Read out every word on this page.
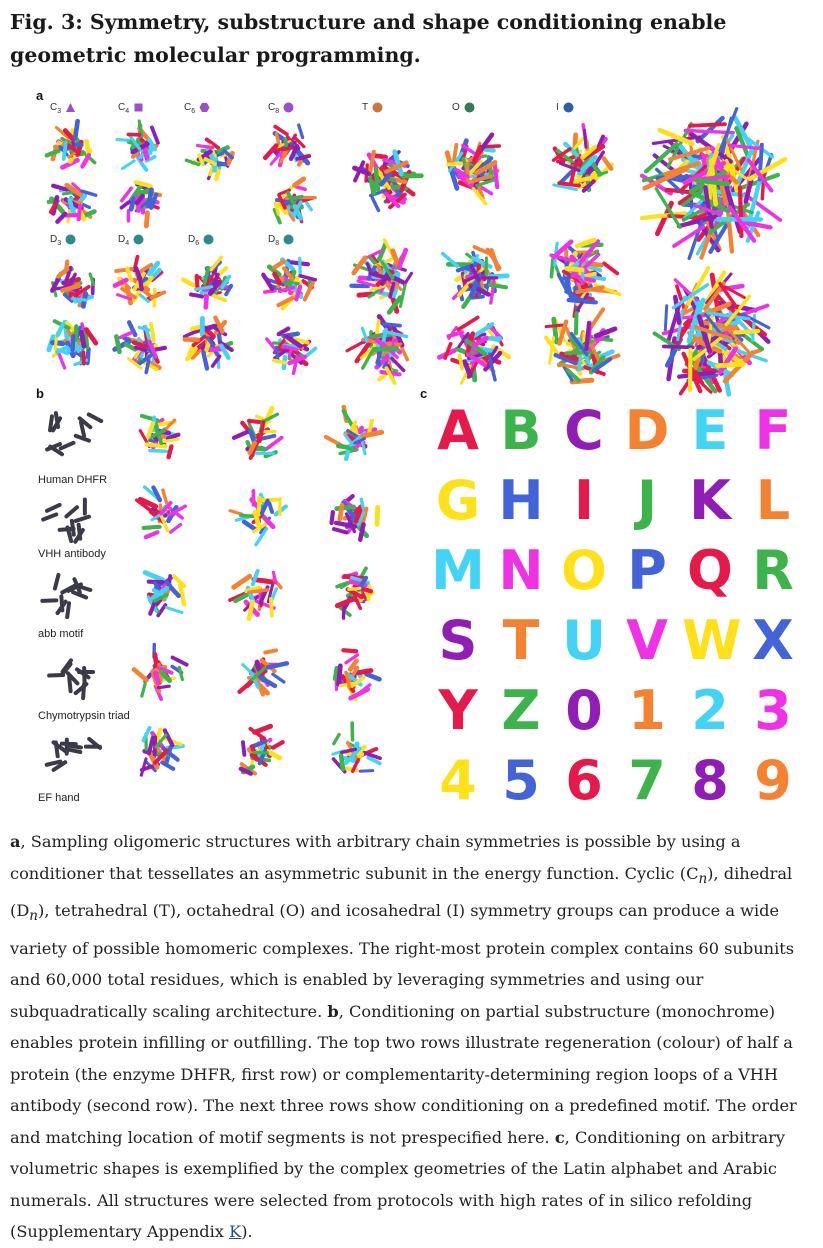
Fig. 3: Symmetry, substructure and shape conditioning enable geometric molecular programming.
a
$C_3$	$C_4$	$C_6$	$C_8$	T	O	I
$D_3$	$D_4$	$D_6$	$D_8$
b
Human DHFR
VHH antibody
abb motif
Chymotrypsin triad
EF hand
c
A B C D E F
G H I J K L
M N O P Q R
S T U V W X
Y Z 0 1 2 3
4 5 6 7 8 9

a, Sampling oligomeric structures with arbitrary chain symmetries is possible by using a conditioner that tessellates an asymmetric subunit in the energy function. Cyclic $(C_n)$, dihedral $(D_n)$, tetrahedral (T), octahedral (O) and icosahedral (I) symmetry groups can produce a wide variety of possible homomeric complexes. The right-most protein complex contains 60 subunits and 60,000 total residues, which is enabled by leveraging symmetries and using our subquadratically scaling architecture. b, Conditioning on partial substructure (monochrome) enables protein infilling or outfilling. The top two rows illustrate regeneration (colour) of half a protein (the enzyme DHFR, first row) or complementarity-determining region loops of a VHH antibody (second row). The next three rows show conditioning on a predefined motif. The order and matching location of motif segments is not prespecified here. c, Conditioning on arbitrary volumetric shapes is exemplified by the complex geometries of the Latin alphabet and Arabic numerals. All structures were selected from protocols with high rates of in silico refolding (Supplementary Appendix K).
